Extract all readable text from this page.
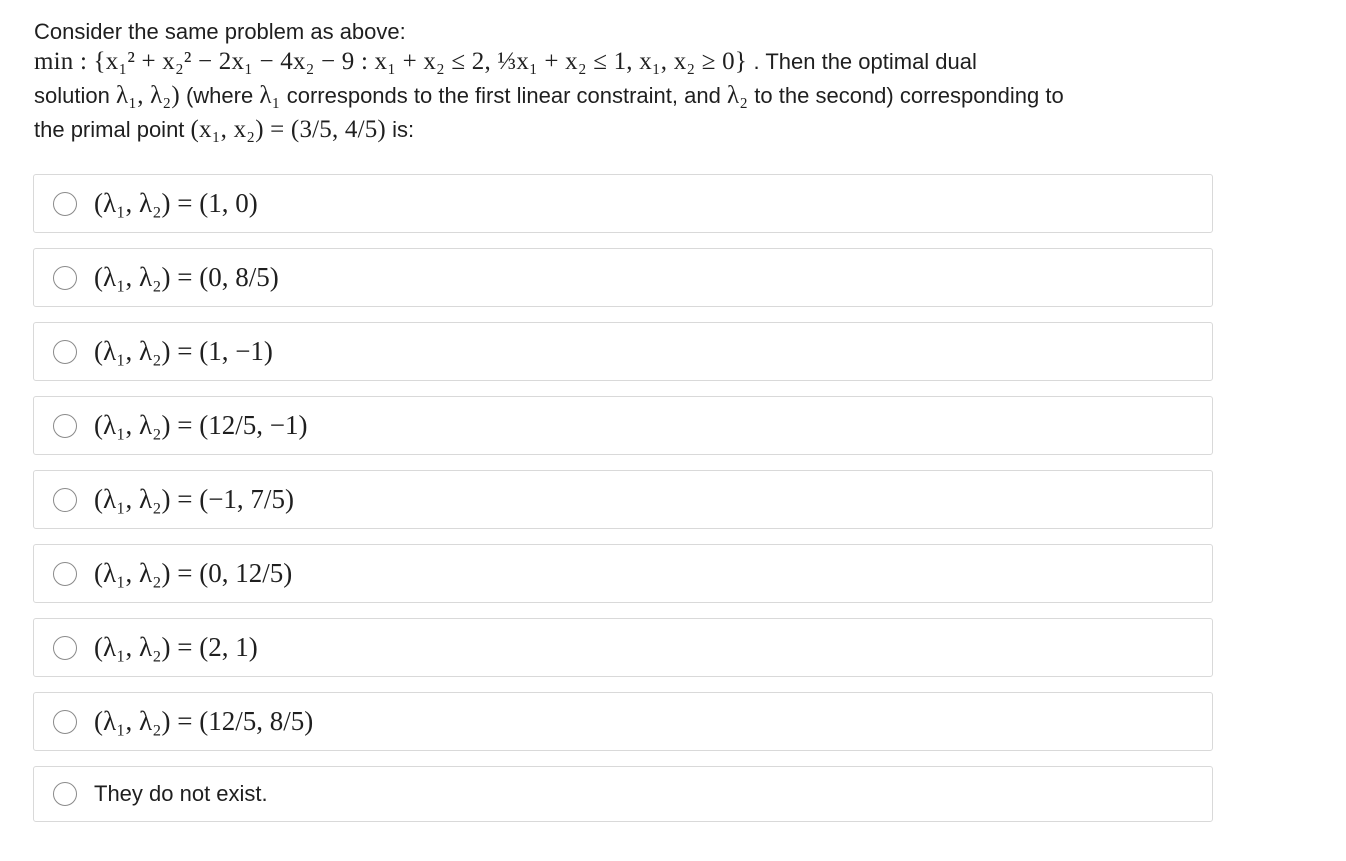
Consider the same problem as above:
min : {x₁² + x₂² − 2x₁ − 4x₂ − 9 : x₁ + x₂ ≤ 2, ⅓x₁ + x₂ ≤ 1, x₁, x₂ ≥ 0} . Then the optimal dual
solution λ₁, λ₂) (where λ₁ corresponds to the first linear constraint, and λ₂ to the second) corresponding to
the primal point (x₁, x₂) = (3/5, 4/5) is:
(λ₁, λ₂) = (1, 0)
(λ₁, λ₂) = (0, 8/5)
(λ₁, λ₂) = (1, −1)
(λ₁, λ₂) = (12/5, −1)
(λ₁, λ₂) = (−1, 7/5)
(λ₁, λ₂) = (0, 12/5)
(λ₁, λ₂) = (2, 1)
(λ₁, λ₂) = (12/5, 8/5)
They do not exist.
